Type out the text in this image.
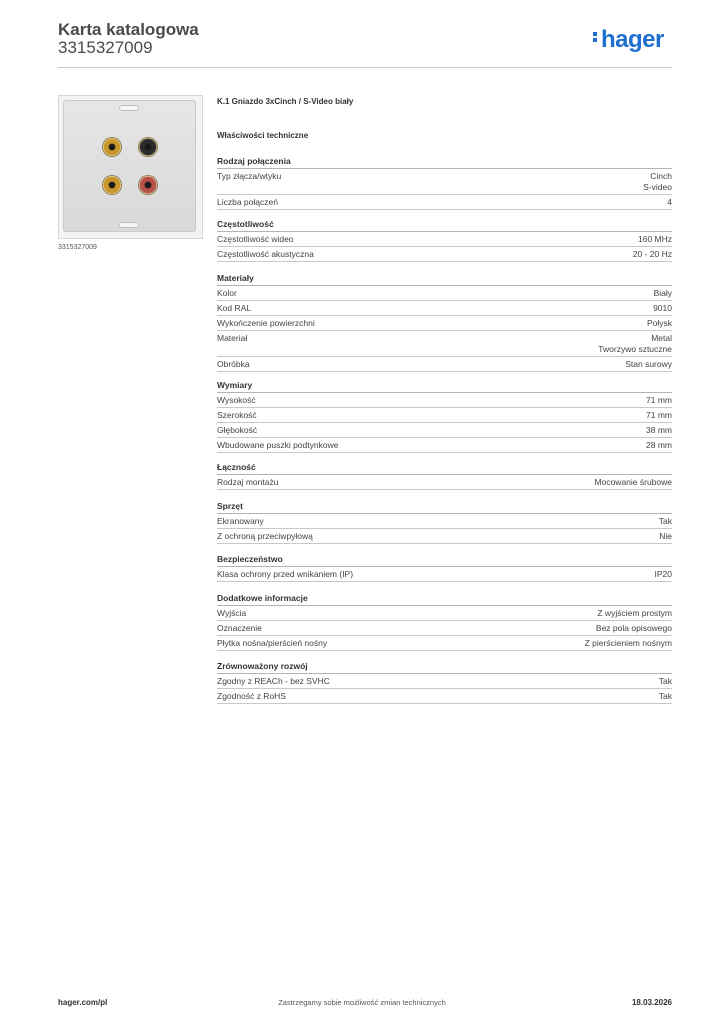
Karta katalogowa
3315327009	hager
3315327009
K.1 Gniazdo 3xCinch / S-Video biały
Właściwości techniczne
Rodzaj połączenia
Typ złącza/wtyku	Cinch
S-video
Liczba połączeń	4
Częstotliwość
Częstotliwość wideo	160 MHz
Częstotliwość akustyczna	20 - 20 Hz
Materiały
Kolor	Biały
Kod RAL	9010
Wykończenie powierzchni	Połysk
Materiał	Metal
Tworzywo sztuczne
Obróbka	Stan surowy
Wymiary
Wysokość	71 mm
Szerokość	71 mm
Głębokość	38 mm
Wbudowane puszki podtynkowe	28 mm
Łączność
Rodzaj montażu	Mocowanie śrubowe
Sprzęt
Ekranowany	Tak
Z ochroną przeciwpyłową	Nie
Bezpieczeństwo
Klasa ochrony przed wnikaniem (IP)	IP20
Dodatkowe informacje
Wyjścia	Z wyjściem prostym
Oznaczenie	Bez pola opisowego
Płytka nośna/pierścień nośny	Z pierścieniem nośnym
Zrównoważony rozwój
Zgodny z REACh - bez SVHC	Tak
Zgodność z RoHS	Tak
hager.com/pl	Zastrzegamy sobie możliwość zmian technicznych	18.03.2026
